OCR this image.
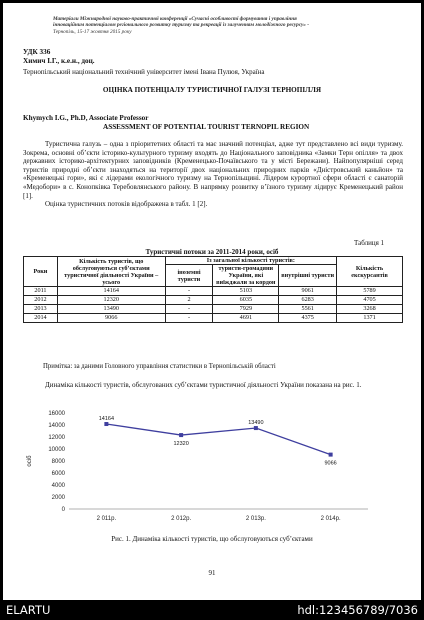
Матеріали Міжнародної науково-практичної конференції «Сучасні особливості формування і управління
інноваційним потенціалом регіонального розвитку туризму та рекреації із залученням молодіжного ресурсу» -
Тернопіль, 15-17 жовтня 2015 року
УДК 336
Химич І.Г., к.е.н., доц.
Тернопільський національний технічний університет імені Івана Пулюя, Україна
ОЦІНКА ПОТЕНЦІАЛУ ТУРИСТИЧНОЇ ГАЛУЗІ ТЕРНОПІЛЛЯ
Khymych I.G., Ph.D, Associate Professor
ASSESSMENT OF POTENTIAL TOURIST TERNOPIL REGION

Туристична галузь – одна з пріоритетних області та має значний потенціал, адже тут представлено всі види туризму. Зокрема, основні об’єкти історико-культурного туризму входять до Національного заповідника «Замки Терн опілля» та двох державних історико-архітектурних заповідників (Кременецько-Почаївського та у місті Бережани). Найпопулярніші серед туристів природні об’єкти знаходяться на території двох національних природних парків «Дністровський каньйон» та «Кременецькі гори», які є лідерами екологічного туризму на Тернопільщині. Лідером курортної сфери області є санаторій «Медобори» в с. Конопківка Теребовлянського району. В напрямку розвитку в’їзного туризму лідирує Кременецький район [1].

Оцінка туристичних потоків відображена в табл. 1 [2].

Таблиця 1
Туристичні потоки за 2011-2014 роки, осіб
Роки	Кількість туристів, що обслуговуються суб’єктами туристичної діяльності України – усього	Із загальної кількості туристів:			Кількість екскурсантів
		іноземні туристи	туристи-громадяни України, які виїжджали за кордон	внутрішні туристи	
2011	14164	-	5103	9061	5789
2012	12320	2	6035	6283	4705
2013	13490	-	7929	5561	3268
2014	9066	-	4691	4375	1371
Примітка: за даними Головного управління статистики в Тернопільській області

Динаміка кількості туристів, обслугованих суб’єктами туристичної діяльності України показана на рис. 1.

0
2000
4000
6000
8000
10000
12000
14000
16000
осіб
14164
2 011р.
12320
2 012р.
13490
2 013р.
9066
2 014р.
Рис. 1. Динаміка кількості туристів, що обслуговуються суб’єктами
91
ELARTU	hdl:123456789/7036
